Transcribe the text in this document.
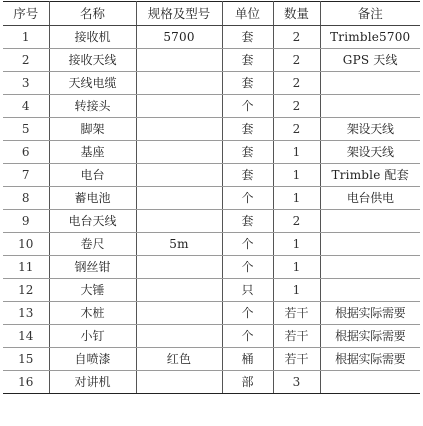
序号	名称	规格及型号	单位	数量	备注
1	接收机	5700	套	2	Trimble5700
2	接收天线		套	2	GPS 天线
3	天线电缆		套	2	
4	转接头		个	2	
5	脚架		套	2	架设天线
6	基座		套	1	架设天线
7	电台		套	1	Trimble 配套
8	蓄电池		个	1	电台供电
9	电台天线		套	2	
10	卷尺	5m	个	1	
11	钢丝钳		个	1	
12	大锤		只	1	
13	木桩		个	若干	根据实际需要
14	小钉		个	若干	根据实际需要
15	自喷漆	红色	桶	若干	根据实际需要
16	对讲机		部	3	
